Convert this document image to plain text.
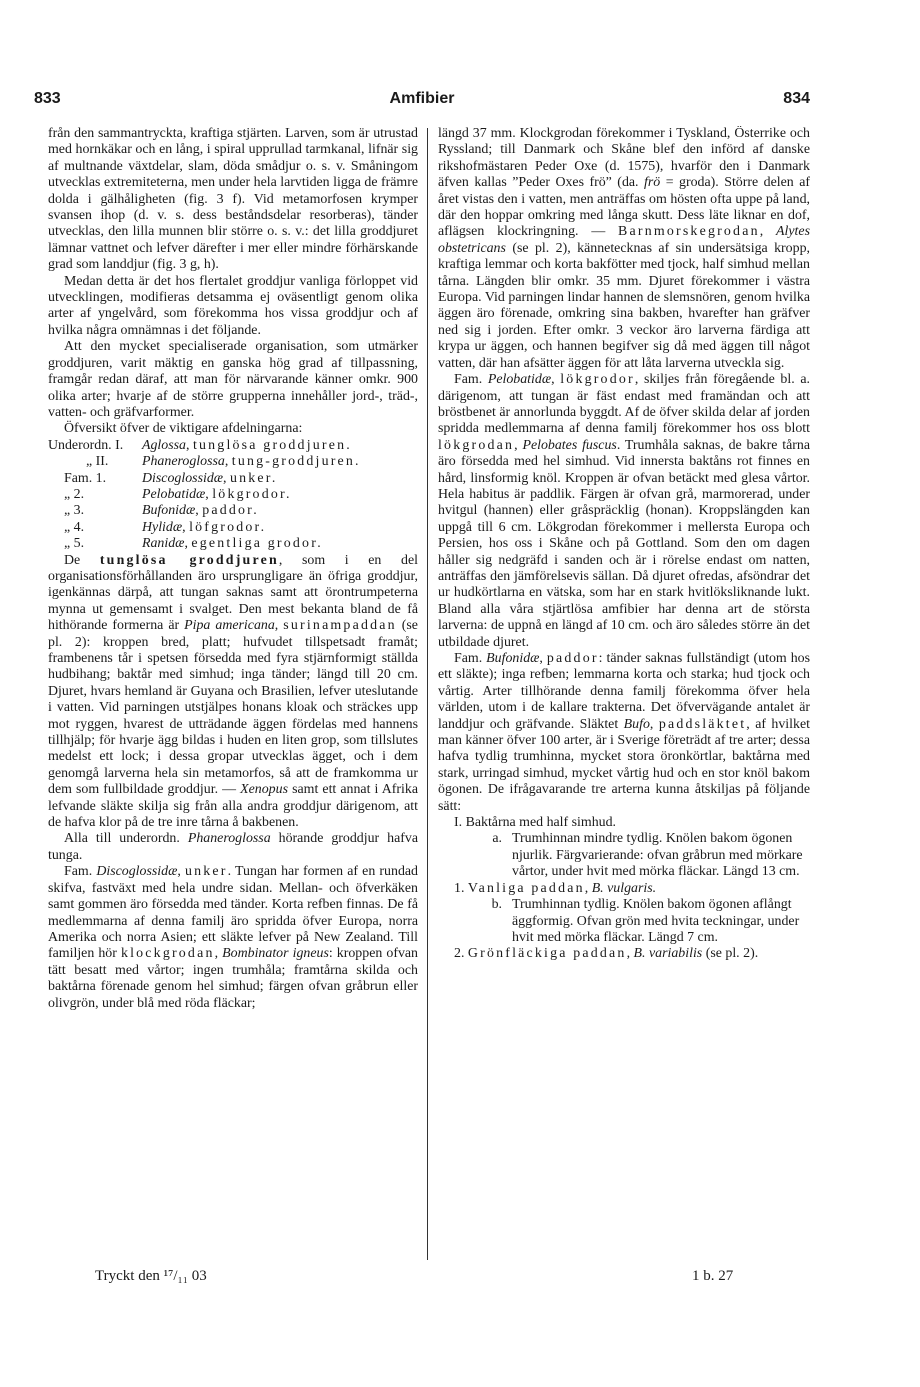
833	Amfibier	834

från den sammantryckta, kraftiga stjärten. Larven, som är utrustad med hornkäkar och en lång, i spiral upprullad tarmkanal, lifnär sig af multnande växtdelar, slam, döda smådjur o. s. v. Småningom utvecklas extremiteterna, men under hela larvtiden ligga de främre dolda i gälhåligheten (fig. 3 f). Vid metamorfosen krymper svansen ihop (d. v. s. dess beståndsdelar resorberas), tänder utvecklas, den lilla munnen blir större o. s. v.: det lilla groddjuret lämnar vattnet och lefver därefter i mer eller mindre förhärskande grad som landdjur (fig. 3 g, h).

Medan detta är det hos flertalet groddjur vanliga förloppet vid utvecklingen, modifieras detsamma ej oväsentligt genom olika arter af yngelvård, som förekomma hos vissa groddjur och af hvilka några omnämnas i det följande.

Att den mycket specialiserade organisation, som utmärker groddjuren, varit mäktig en ganska hög grad af tillpassning, framgår redan däraf, att man för närvarande känner omkr. 900 olika arter; hvarje af de större grupperna innehåller jord-, träd-, vatten- och gräfvarformer.

Öfversikt öfver de viktigare afdelningarna:

Underordn. I.	Aglossa, tunglösa groddjuren.
„ II.	Phaneroglossa, tung-groddjuren.
Fam. 1.	Discoglossidæ, unker.
„ 2.	Pelobatidæ, lökgrodor.
„ 3.	Bufonidæ, paddor.
„ 4.	Hylidæ, löfgrodor.
„ 5.	Ranidæ, egentliga grodor.

De tunglösa groddjuren, som i en del organisationsförhållanden äro ursprungligare än öfriga groddjur, igenkännas därpå, att tungan saknas samt att örontrumpeterna mynna ut gemensamt i svalget. Den mest bekanta bland de få hithörande formerna är Pipa americana, surinampaddan (se pl. 2): kroppen bred, platt; hufvudet tillspetsadt framåt; frambenens tår i spetsen försedda med fyra stjärnformigt ställda hudbihang; baktår med simhud; inga tänder; längd till 20 cm. Djuret, hvars hemland är Guyana och Brasilien, lefver uteslutande i vatten. Vid parningen utstjälpes honans kloak och sträckes upp mot ryggen, hvarest de utträdande äggen fördelas med hannens tillhjälp; för hvarje ägg bildas i huden en liten grop, som tillslutes medelst ett lock; i dessa gropar utvecklas ägget, och i dem genomgå larverna hela sin metamorfos, så att de framkomma ur dem som fullbildade groddjur. — Xenopus samt ett annat i Afrika lefvande släkte skilja sig från alla andra groddjur därigenom, att de hafva klor på de tre inre tårna å bakbenen.

Alla till underordn. Phaneroglossa hörande groddjur hafva tunga.

Fam. Discoglossidæ, unker. Tungan har formen af en rundad skifva, fastväxt med hela undre sidan. Mellan- och öfverkäken samt gommen äro försedda med tänder. Korta refben finnas. De få medlemmarna af denna familj äro spridda öfver Europa, norra Amerika och norra Asien; ett släkte lefver på New Zealand. Till familjen hör klockgrodan, Bombinator igneus: kroppen ofvan tätt besatt med vårtor; ingen trumhåla; framtårna skilda och baktårna förenade genom hel simhud; färgen ofvan gråbrun eller olivgrön, under blå med röda fläckar;

längd 37 mm. Klockgrodan förekommer i Tyskland, Österrike och Ryssland; till Danmark och Skåne blef den införd af danske rikshofmästaren Peder Oxe (d. 1575), hvarför den i Danmark äfven kallas ”Peder Oxes frö” (da. frö = groda). Större delen af året vistas den i vatten, men anträffas om hösten ofta uppe på land, där den hoppar omkring med långa skutt. Dess läte liknar en dof, aflägsen klockringning. — Barnmorskegrodan, Alytes obstetricans (se pl. 2), kännetecknas af sin undersätsiga kropp, kraftiga lemmar och korta bakfötter med tjock, half simhud mellan tårna. Längden blir omkr. 35 mm. Djuret förekommer i västra Europa. Vid parningen lindar hannen de slemsnören, genom hvilka äggen äro förenade, omkring sina bakben, hvarefter han gräfver ned sig i jorden. Efter omkr. 3 veckor äro larverna färdiga att krypa ur äggen, och hannen begifver sig då med äggen till något vatten, där han afsätter äggen för att låta larverna utveckla sig.

Fam. Pelobatidæ, lökgrodor, skiljes från föregående bl. a. därigenom, att tungan är fäst endast med framändan och att bröstbenet är annorlunda byggdt. Af de öfver skilda delar af jorden spridda medlemmarna af denna familj förekommer hos oss blott lökgrodan, Pelobates fuscus. Trumhåla saknas, de bakre tårna äro försedda med hel simhud. Vid innersta baktåns rot finnes en hård, linsformig knöl. Kroppen är ofvan betäckt med glesa vårtor. Hela habitus är paddlik. Färgen är ofvan grå, marmorerad, under hvitgul (hannen) eller gråspräcklig (honan). Kroppslängden kan uppgå till 6 cm. Lökgrodan förekommer i mellersta Europa och Persien, hos oss i Skåne och på Gottland. Som den om dagen håller sig nedgräfd i sanden och är i rörelse endast om natten, anträffas den jämförelsevis sällan. Då djuret ofredas, afsöndrar det ur hudkörtlarna en vätska, som har en stark hvitlöksliknande lukt. Bland alla våra stjärtlösa amfibier har denna art de största larverna: de uppnå en längd af 10 cm. och äro således större än det utbildade djuret.

Fam. Bufonidæ, paddor: tänder saknas fullständigt (utom hos ett släkte); inga refben; lemmarna korta och starka; hud tjock och vårtig. Arter tillhörande denna familj förekomma öfver hela världen, utom i de kallare trakterna. Det öfvervägande antalet är landdjur och gräfvande. Släktet Bufo, paddsläktet, af hvilket man känner öfver 100 arter, är i Sverige företrädt af tre arter; dessa hafva tydlig trumhinna, mycket stora öronkörtlar, baktårna med stark, urringad simhud, mycket vårtig hud och en stor knöl bakom ögonen. De ifrågavarande tre arterna kunna åtskiljas på följande sätt:

I. Baktårna med half simhud.

a. Trumhinnan mindre tydlig. Knölen bakom ögonen njurlik. Färgvarierande: ofvan gråbrun med mörkare vårtor, under hvit med mörka fläckar. Längd 13 cm.

1. Vanliga paddan, B. vulgaris.

b. Trumhinnan tydlig. Knölen bakom ögonen aflångt äggformig. Ofvan grön med hvita teckningar, under hvit med mörka fläckar. Längd 7 cm.

2. Grönfläckiga paddan, B. variabilis (se pl. 2).

Tryckt den ¹⁷/₁₁ 03	1 b. 27
